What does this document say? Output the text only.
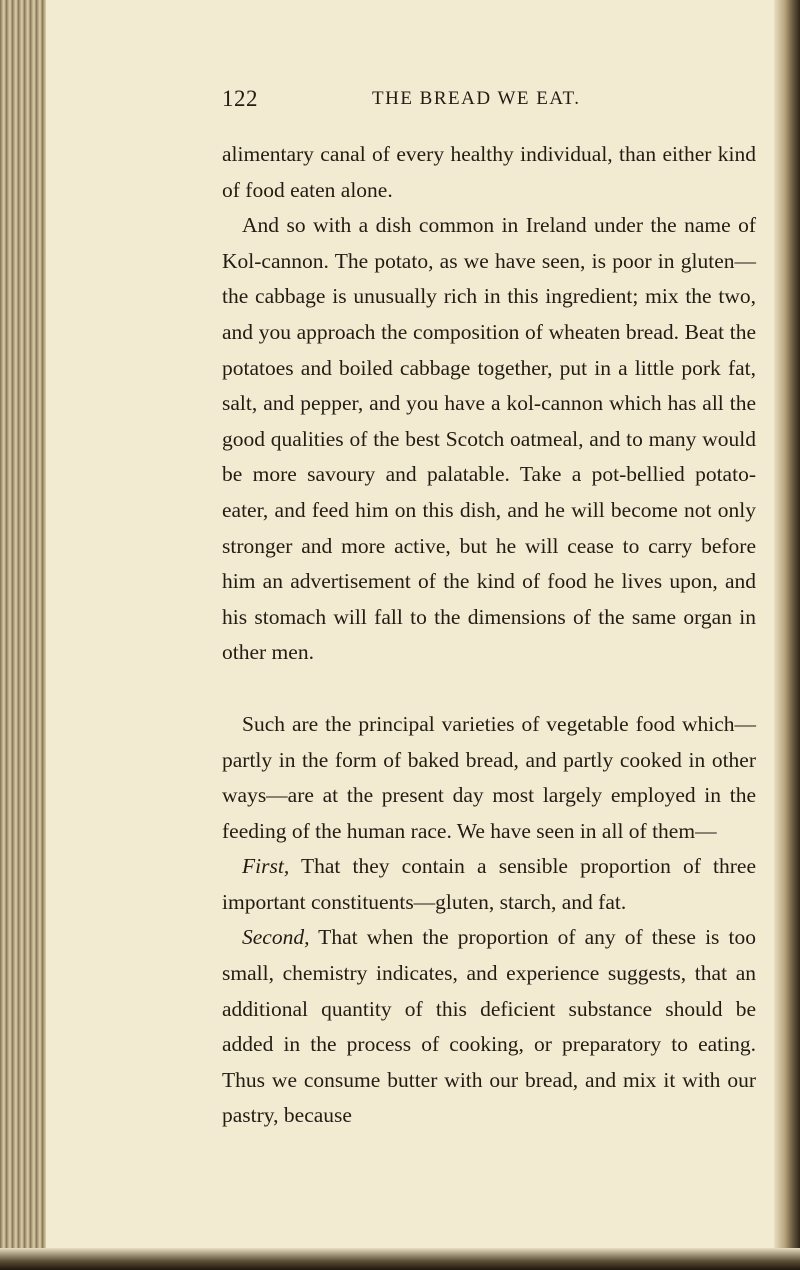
122	THE BREAD WE EAT.

alimentary canal of every healthy individual, than either kind of food eaten alone.

And so with a dish common in Ireland under the name of Kol-cannon. The potato, as we have seen, is poor in gluten—the cabbage is unusually rich in this ingredient; mix the two, and you approach the composition of wheaten bread. Beat the potatoes and boiled cabbage together, put in a little pork fat, salt, and pepper, and you have a kol-cannon which has all the good qualities of the best Scotch oatmeal, and to many would be more savoury and palatable. Take a pot-bellied potato-eater, and feed him on this dish, and he will become not only stronger and more active, but he will cease to carry before him an advertisement of the kind of food he lives upon, and his stomach will fall to the dimensions of the same organ in other men.

Such are the principal varieties of vegetable food which—partly in the form of baked bread, and partly cooked in other ways—are at the present day most largely employed in the feeding of the human race. We have seen in all of them—

First, That they contain a sensible proportion of three important constituents—gluten, starch, and fat.

Second, That when the proportion of any of these is too small, chemistry indicates, and experience suggests, that an additional quantity of this deficient substance should be added in the process of cooking, or preparatory to eating. Thus we consume butter with our bread, and mix it with our pastry, because
